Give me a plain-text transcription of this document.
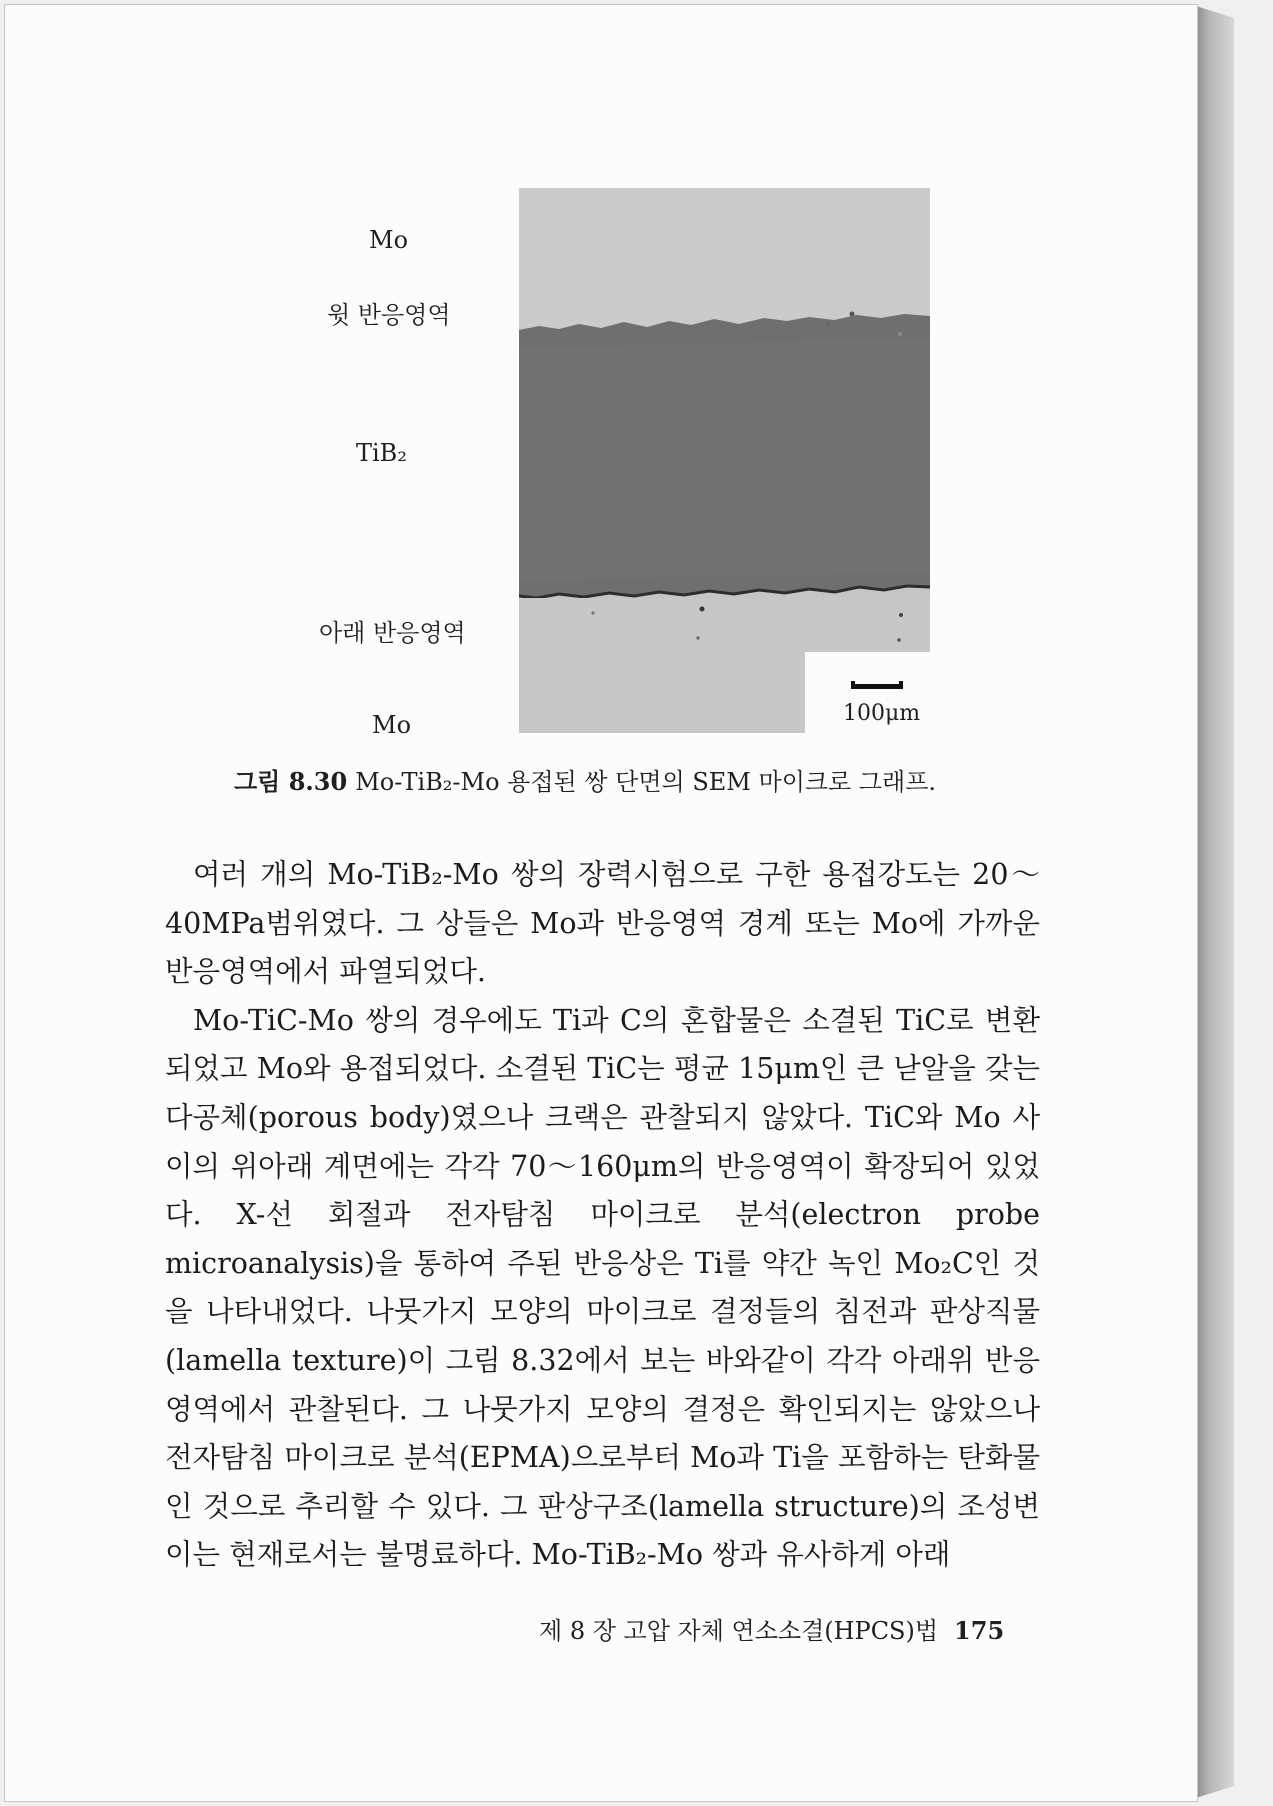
Mo
윗 반응영역
TiB₂
아래 반응영역
Mo	100μm
그림 8.30 Mo-TiB₂-Mo 용접된 쌍 단면의 SEM 마이크로 그래프.

여러 개의 Mo-TiB₂-Mo 쌍의 장력시험으로 구한 용접강도는 20～40MPa범위였다. 그 상들은 Mo과 반응영역 경계 또는 Mo에 가까운 반응영역에서 파열되었다.

Mo-TiC-Mo 쌍의 경우에도 Ti과 C의 혼합물은 소결된 TiC로 변환되었고 Mo와 용접되었다. 소결된 TiC는 평균 15μm인 큰 낟알을 갖는 다공체(porous body)였으나 크랙은 관찰되지 않았다. TiC와 Mo 사이의 위아래 계면에는 각각 70～160μm의 반응영역이 확장되어 있었다. X-선 회절과 전자탐침 마이크로 분석(electron probe microanalysis)을 통하여 주된 반응상은 Ti를 약간 녹인 Mo₂C인 것을 나타내었다. 나뭇가지 모양의 마이크로 결정들의 침전과 판상직물(lamella texture)이 그림 8.32에서 보는 바와같이 각각 아래위 반응영역에서 관찰된다. 그 나뭇가지 모양의 결정은 확인되지는 않았으나 전자탐침 마이크로 분석(EPMA)으로부터 Mo과 Ti을 포함하는 탄화물인 것으로 추리할 수 있다. 그 판상구조(lamella structure)의 조성변이는 현재로서는 불명료하다. Mo-TiB₂-Mo 쌍과 유사하게 아래

제 8 장 고압 자체 연소소결(HPCS)법 175
